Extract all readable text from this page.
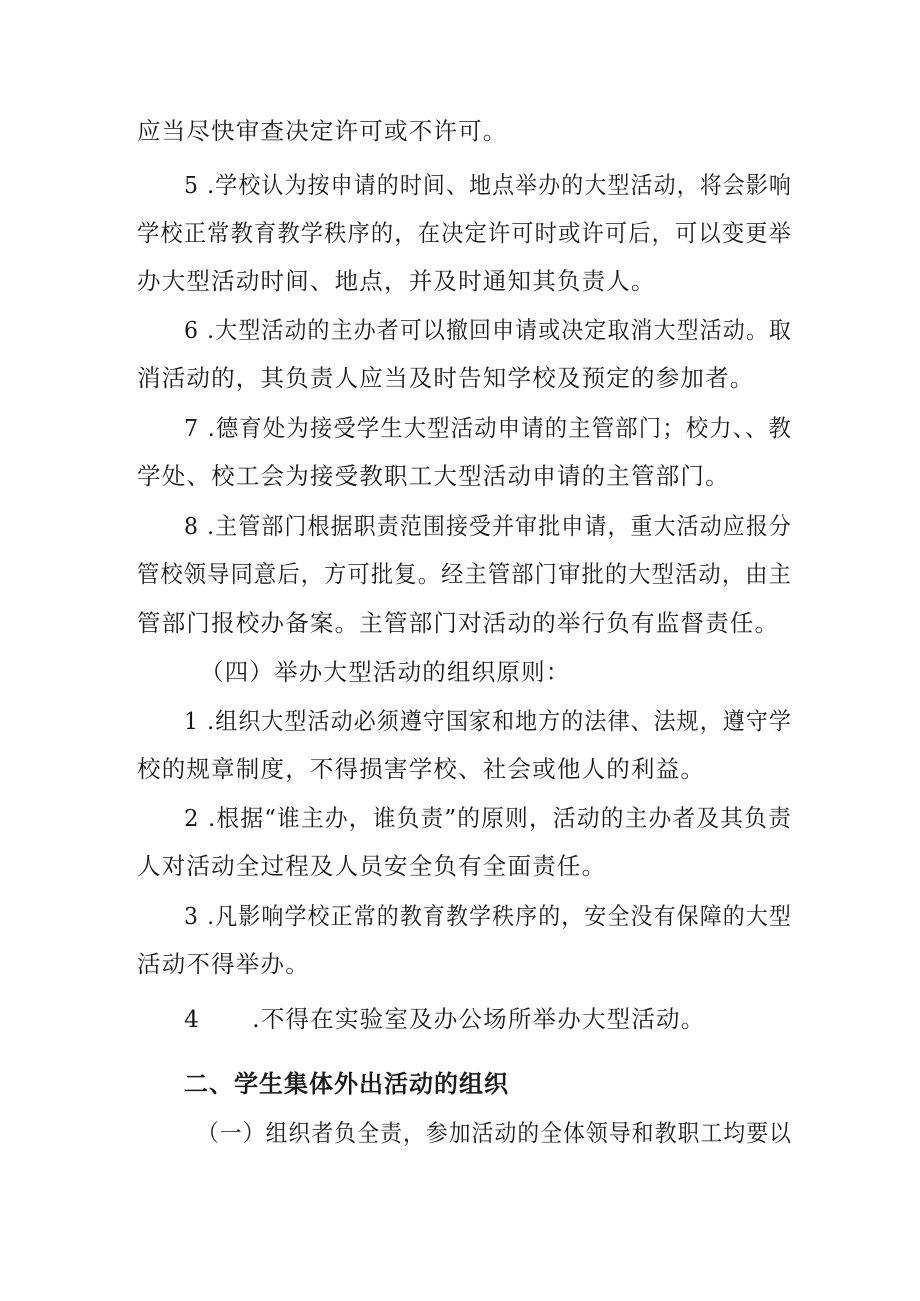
应当尽快审查决定许可或不许可。
5 .学校认为按申请的时间、地点举办的大型活动，将会影响
学校正常教育教学秩序的，在决定许可时或许可后，可以变更举
办大型活动时间、地点，并及时通知其负责人。
6 .大型活动的主办者可以撤回申请或决定取消大型活动。取
消活动的，其负责人应当及时告知学校及预定的参加者。
7 .德育处为接受学生大型活动申请的主管部门；校力、、教
学处、校工会为接受教职工大型活动申请的主管部门。
8 .主管部门根据职责范围接受并审批申请，重大活动应报分
管校领导同意后，方可批复。经主管部门审批的大型活动，由主
管部门报校办备案。主管部门对活动的举行负有监督责任。
（四）举办大型活动的组织原则：
1 .组织大型活动必须遵守国家和地方的法律、法规，遵守学
校的规章制度，不得损害学校、社会或他人的利益。
2 .根据“谁主办，谁负责”的原则，活动的主办者及其负责
人对活动全过程及人员安全负有全面责任。
3 .凡影响学校正常的教育教学秩序的，安全没有保障的大型
活动不得举办。
4      .不得在实验室及办公场所举办大型活动。
二、学生集体外出活动的组织
（一）组织者负全责，参加活动的全体领导和教职工均要以
